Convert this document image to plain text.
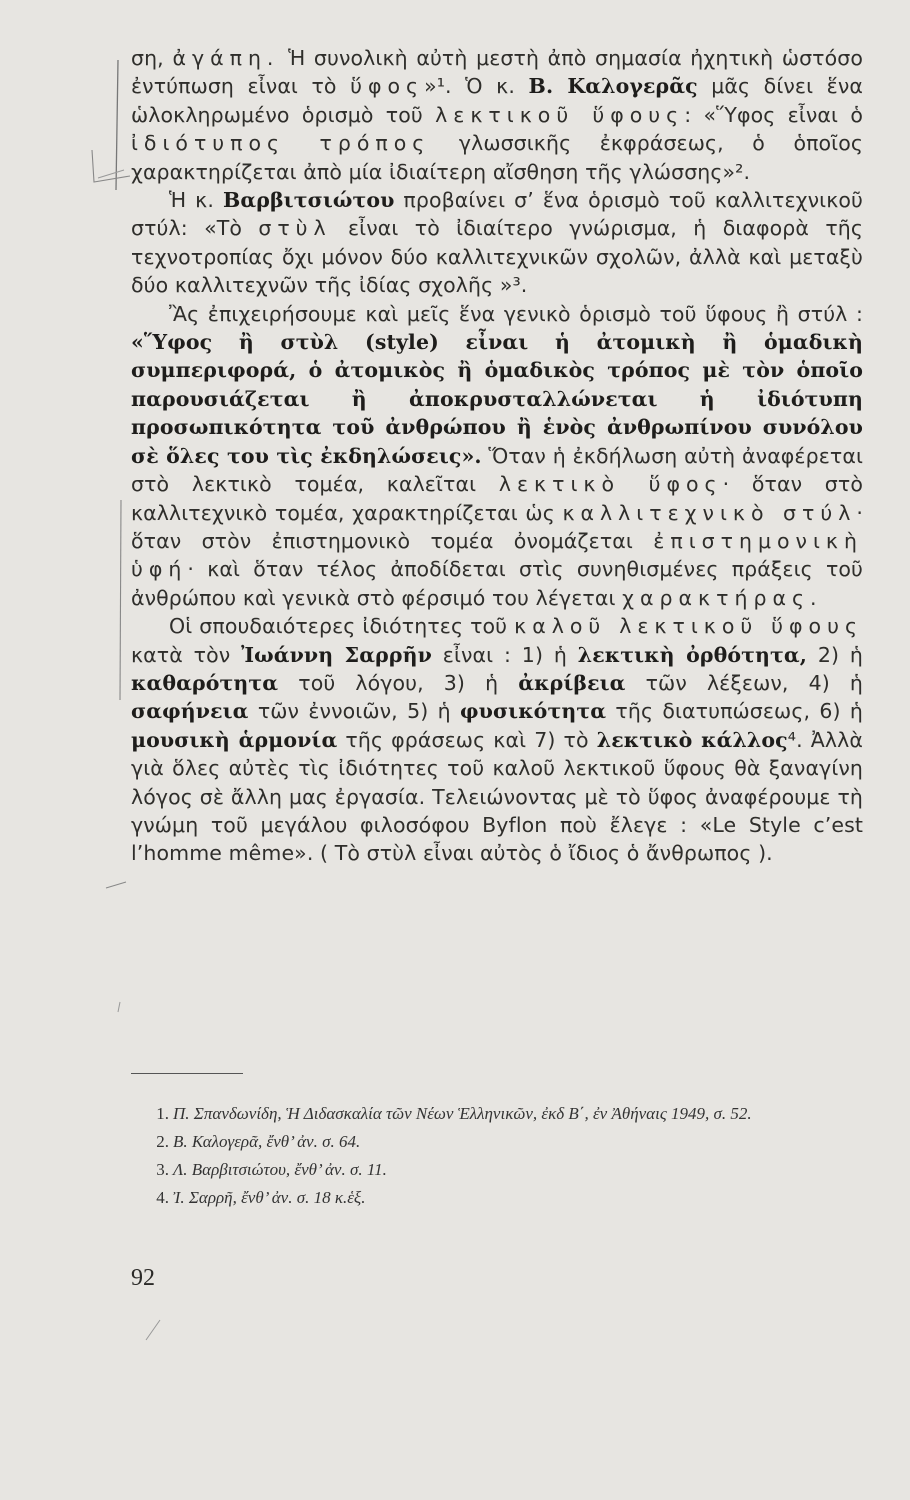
ση, ἀγάπη. Ἡ συνολικὴ αὐτὴ μεστὴ ἀπὸ σημασία ἠχητικὴ ὡστόσο ἐντύπωση εἶναι τὸ ὕφος»¹. Ὁ κ. Β. Καλογερᾶς μᾶς δίνει ἕνα ὡλοκληρωμένο ὁρισμὸ τοῦ λεκτικοῦ ὕφους: «Ὕφος εἶναι ὁ ἰδιότυπος τρόπος γλωσσικῆς ἐκφράσεως, ὁ ὁποῖος χαρακτηρίζεται ἀπὸ μία ἰδιαίτερη αἴσθηση τῆς γλώσσης»².

Ἡ κ. Βαρβιτσιώτου προβαίνει σ’ ἕνα ὁρισμὸ τοῦ καλλιτεχνικοῦ στύλ: «Τὸ στὺλ εἶναι τὸ ἰδιαίτερο γνώρισμα, ἡ διαφορὰ τῆς τεχνοτροπίας ὄχι μόνον δύο καλλιτεχνικῶν σχολῶν, ἀλλὰ καὶ μεταξὺ δύο καλλιτεχνῶν τῆς ἰδίας σχολῆς »³.

Ἂς ἐπιχειρήσουμε καὶ μεῖς ἕνα γενικὸ ὁρισμὸ τοῦ ὕφους ἢ στύλ : «Ὕφος ἢ στὺλ (style) εἶναι ἡ ἀτομικὴ ἢ ὁμαδικὴ συμπεριφορά, ὁ ἀτομικὸς ἢ ὁμαδικὸς τρόπος μὲ τὸν ὁποῖο παρουσιάζεται ἢ ἀποκρυσταλλώνεται ἡ ἰδιότυπη προσωπικότητα τοῦ ἀνθρώπου ἢ ἑνὸς ἀνθρωπίνου συνόλου σὲ ὅλες του τὶς ἐκδηλώσεις». Ὅταν ἡ ἐκδήλωση αὐτὴ ἀναφέρεται στὸ λεκτικὸ τομέα, καλεῖται λεκτικὸ ὕφος· ὅταν στὸ καλλιτεχνικὸ τομέα, χαρακτηρίζεται ὡς καλλιτεχνικὸ στύλ· ὅταν στὸν ἐπιστημονικὸ τομέα ὀνομάζεται ἐπιστημονικὴ ὑφή· καὶ ὅταν τέλος ἀποδίδεται στὶς συνηθισμένες πράξεις τοῦ ἀνθρώπου καὶ γενικὰ στὸ φέρσιμό του λέγεται χαρακτήρας.

Οἱ σπουδαιότερες ἰδιότητες τοῦ καλοῦ λεκτικοῦ ὕφους κατὰ τὸν Ἰωάννη Σαρρῆν εἶναι : 1) ἡ λεκτικὴ ὀρθότητα, 2) ἡ καθαρότητα τοῦ λόγου, 3) ἡ ἀκρίβεια τῶν λέξεων, 4) ἡ σαφήνεια τῶν ἐννοιῶν, 5) ἡ φυσικότητα τῆς διατυπώσεως, 6) ἡ μουσικὴ ἁρμονία τῆς φράσεως καὶ 7) τὸ λεκτικὸ κάλλος⁴. Ἀλλὰ γιὰ ὅλες αὐτὲς τὶς ἰδιότητες τοῦ καλοῦ λεκτικοῦ ὕφους θὰ ξαναγίνη λόγος σὲ ἄλλη μας ἐργασία. Τελειώνοντας μὲ τὸ ὕφος ἀναφέρουμε τὴ γνώμη τοῦ μεγάλου φιλοσόφου Byflon ποὺ ἔλεγε : «Le Style c’est l’homme même». ( Τὸ στὺλ εἶναι αὐτὸς ὁ ἴδιος ὁ ἄνθρωπος ).

1. Π. Σπανδωνίδη, Ἡ Διδασκαλία τῶν Νέων Ἑλληνικῶν, ἐκδ Β΄, ἐν Ἀθήναις 1949, σ. 52.
2. Β. Καλογερᾶ, ἔνθ’ ἀν. σ. 64.
3. Λ. Βαρβιτσιώτου, ἔνθ’ ἀν. σ. 11.
4. Ἰ. Σαρρῆ, ἔνθ’ ἀν. σ. 18 κ.ἑξ.
92
